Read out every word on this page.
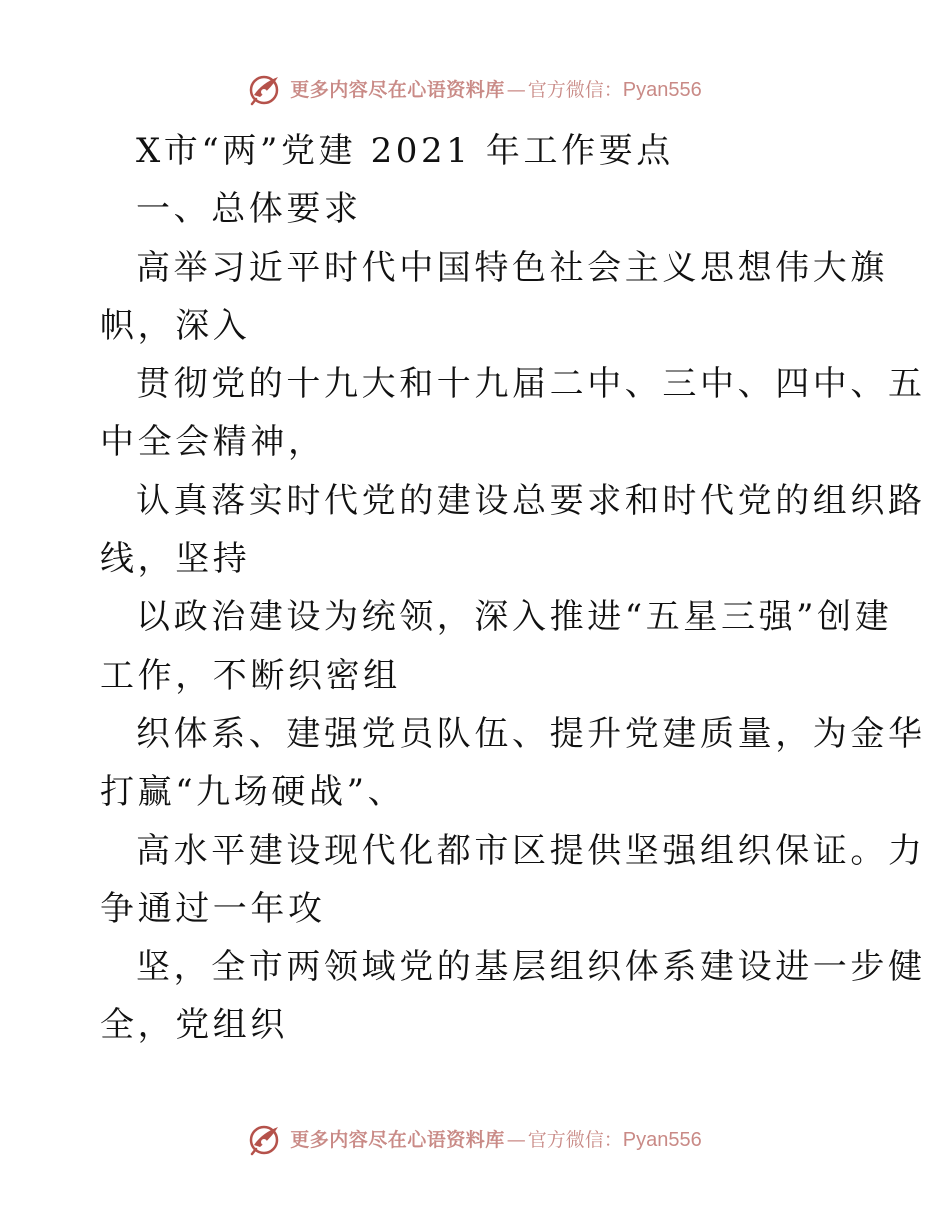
更多内容尽在心语资料库 — 官方微信： Pyan556
X市“两”党建 2021 年工作要点
一、总体要求
高举习近平时代中国特色社会主义思想伟大旗
帜，深入
贯彻党的十九大和十九届二中、三中、四中、五
中全会精神，
认真落实时代党的建设总要求和时代党的组织路
线，坚持
以政治建设为统领，深入推进“五星三强”创建
工作，不断织密组
织体系、建强党员队伍、提升党建质量，为金华
打赢“九场硬战”、
高水平建设现代化都市区提供坚强组织保证。力
争通过一年攻
坚，全市两领域党的基层组织体系建设进一步健
全，党组织
更多内容尽在心语资料库 — 官方微信： Pyan556
